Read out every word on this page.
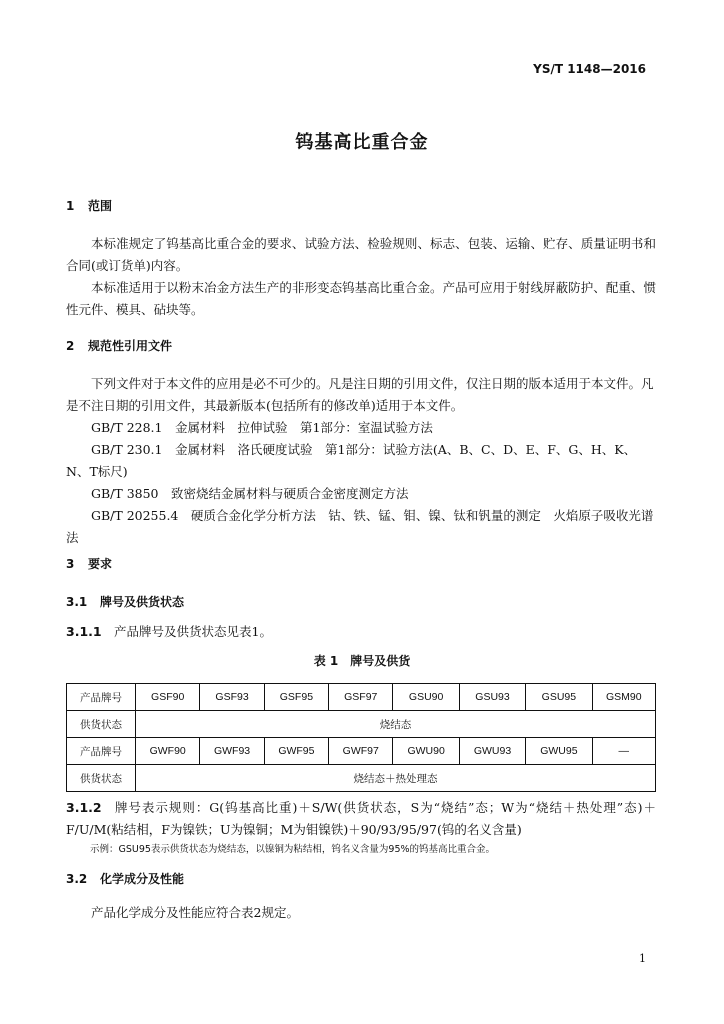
YS/T 1148—2016
钨基高比重合金
1 范围

本标准规定了钨基高比重合金的要求、试验方法、检验规则、标志、包装、运输、贮存、质量证明书和合同(或订货单)内容。

本标准适用于以粉末冶金方法生产的非形变态钨基高比重合金。产品可应用于射线屏蔽防护、配重、惯性元件、模具、砧块等。

2 规范性引用文件

下列文件对于本文件的应用是必不可少的。凡是注日期的引用文件，仅注日期的版本适用于本文件。凡是不注日期的引用文件，其最新版本(包括所有的修改单)适用于本文件。

GB/T 228.1　金属材料　拉伸试验　第1部分：室温试验方法

GB/T 230.1　金属材料　洛氏硬度试验　第1部分：试验方法(A、B、C、D、E、F、G、H、K、N、T标尺)

GB/T 3850　致密烧结金属材料与硬质合金密度测定方法

GB/T 20255.4　硬质合金化学分析方法　钴、铁、锰、钼、镍、钛和钒量的测定　火焰原子吸收光谱法

3 要求
3.1 牌号及供货状态
3.1.1 产品牌号及供货状态见表1。
表 1　牌号及供货
产品牌号	GSF90	GSF93	GSF95	GSF97	GSU90	GSU93	GSU95	GSM90
供货状态	烧结态							
产品牌号	GWF90	GWF93	GWF95	GWF97	GWU90	GWU93	GWU95	—
供货状态	烧结态＋热处理态							

3.1.2 牌号表示规则：G(钨基高比重)＋S/W(供货状态，S为“烧结”态；W为“烧结＋热处理”态)＋F/U/M(粘结相，F为镍铁；U为镍铜；M为钼镍铁)＋90/93/95/97(钨的名义含量)

示例：GSU95表示供货状态为烧结态，以镍铜为粘结相，钨名义含量为95%的钨基高比重合金。
3.2 化学成分及性能
产品化学成分及性能应符合表2规定。
1
